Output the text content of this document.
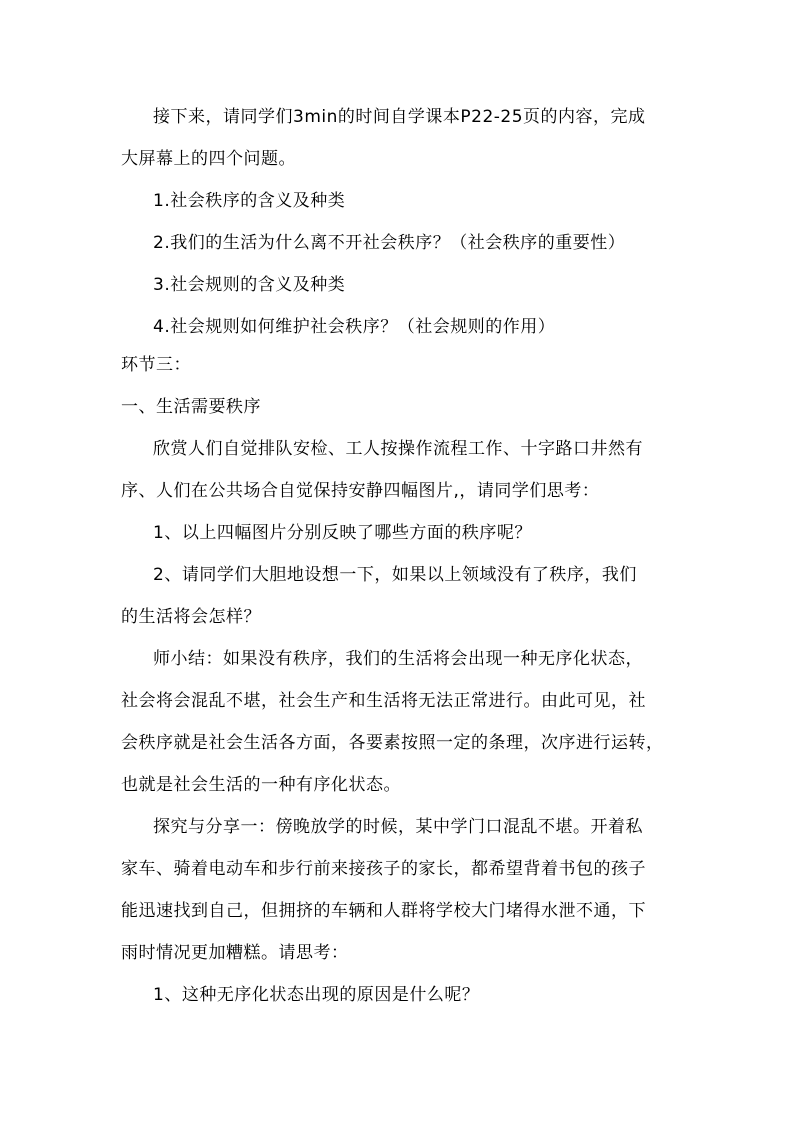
接下来，请同学们3min的时间自学课本P22-25页的内容，完成
大屏幕上的四个问题。
1.社会秩序的含义及种类
2.我们的生活为什么离不开社会秩序？（社会秩序的重要性）
3.社会规则的含义及种类
4.社会规则如何维护社会秩序？（社会规则的作用）
环节三：
一、生活需要秩序
欣赏人们自觉排队安检、工人按操作流程工作、十字路口井然有
序、人们在公共场合自觉保持安静四幅图片,，请同学们思考：
1、以上四幅图片分别反映了哪些方面的秩序呢？
2、请同学们大胆地设想一下，如果以上领域没有了秩序，我们
的生活将会怎样？
师小结：如果没有秩序，我们的生活将会出现一种无序化状态，
社会将会混乱不堪，社会生产和生活将无法正常进行。由此可见，社
会秩序就是社会生活各方面，各要素按照一定的条理，次序进行运转，
也就是社会生活的一种有序化状态。
探究与分享一：傍晚放学的时候，某中学门口混乱不堪。开着私
家车、骑着电动车和步行前来接孩子的家长，都希望背着书包的孩子
能迅速找到自己，但拥挤的车辆和人群将学校大门堵得水泄不通，下
雨时情况更加糟糕。请思考：
1、这种无序化状态出现的原因是什么呢？
